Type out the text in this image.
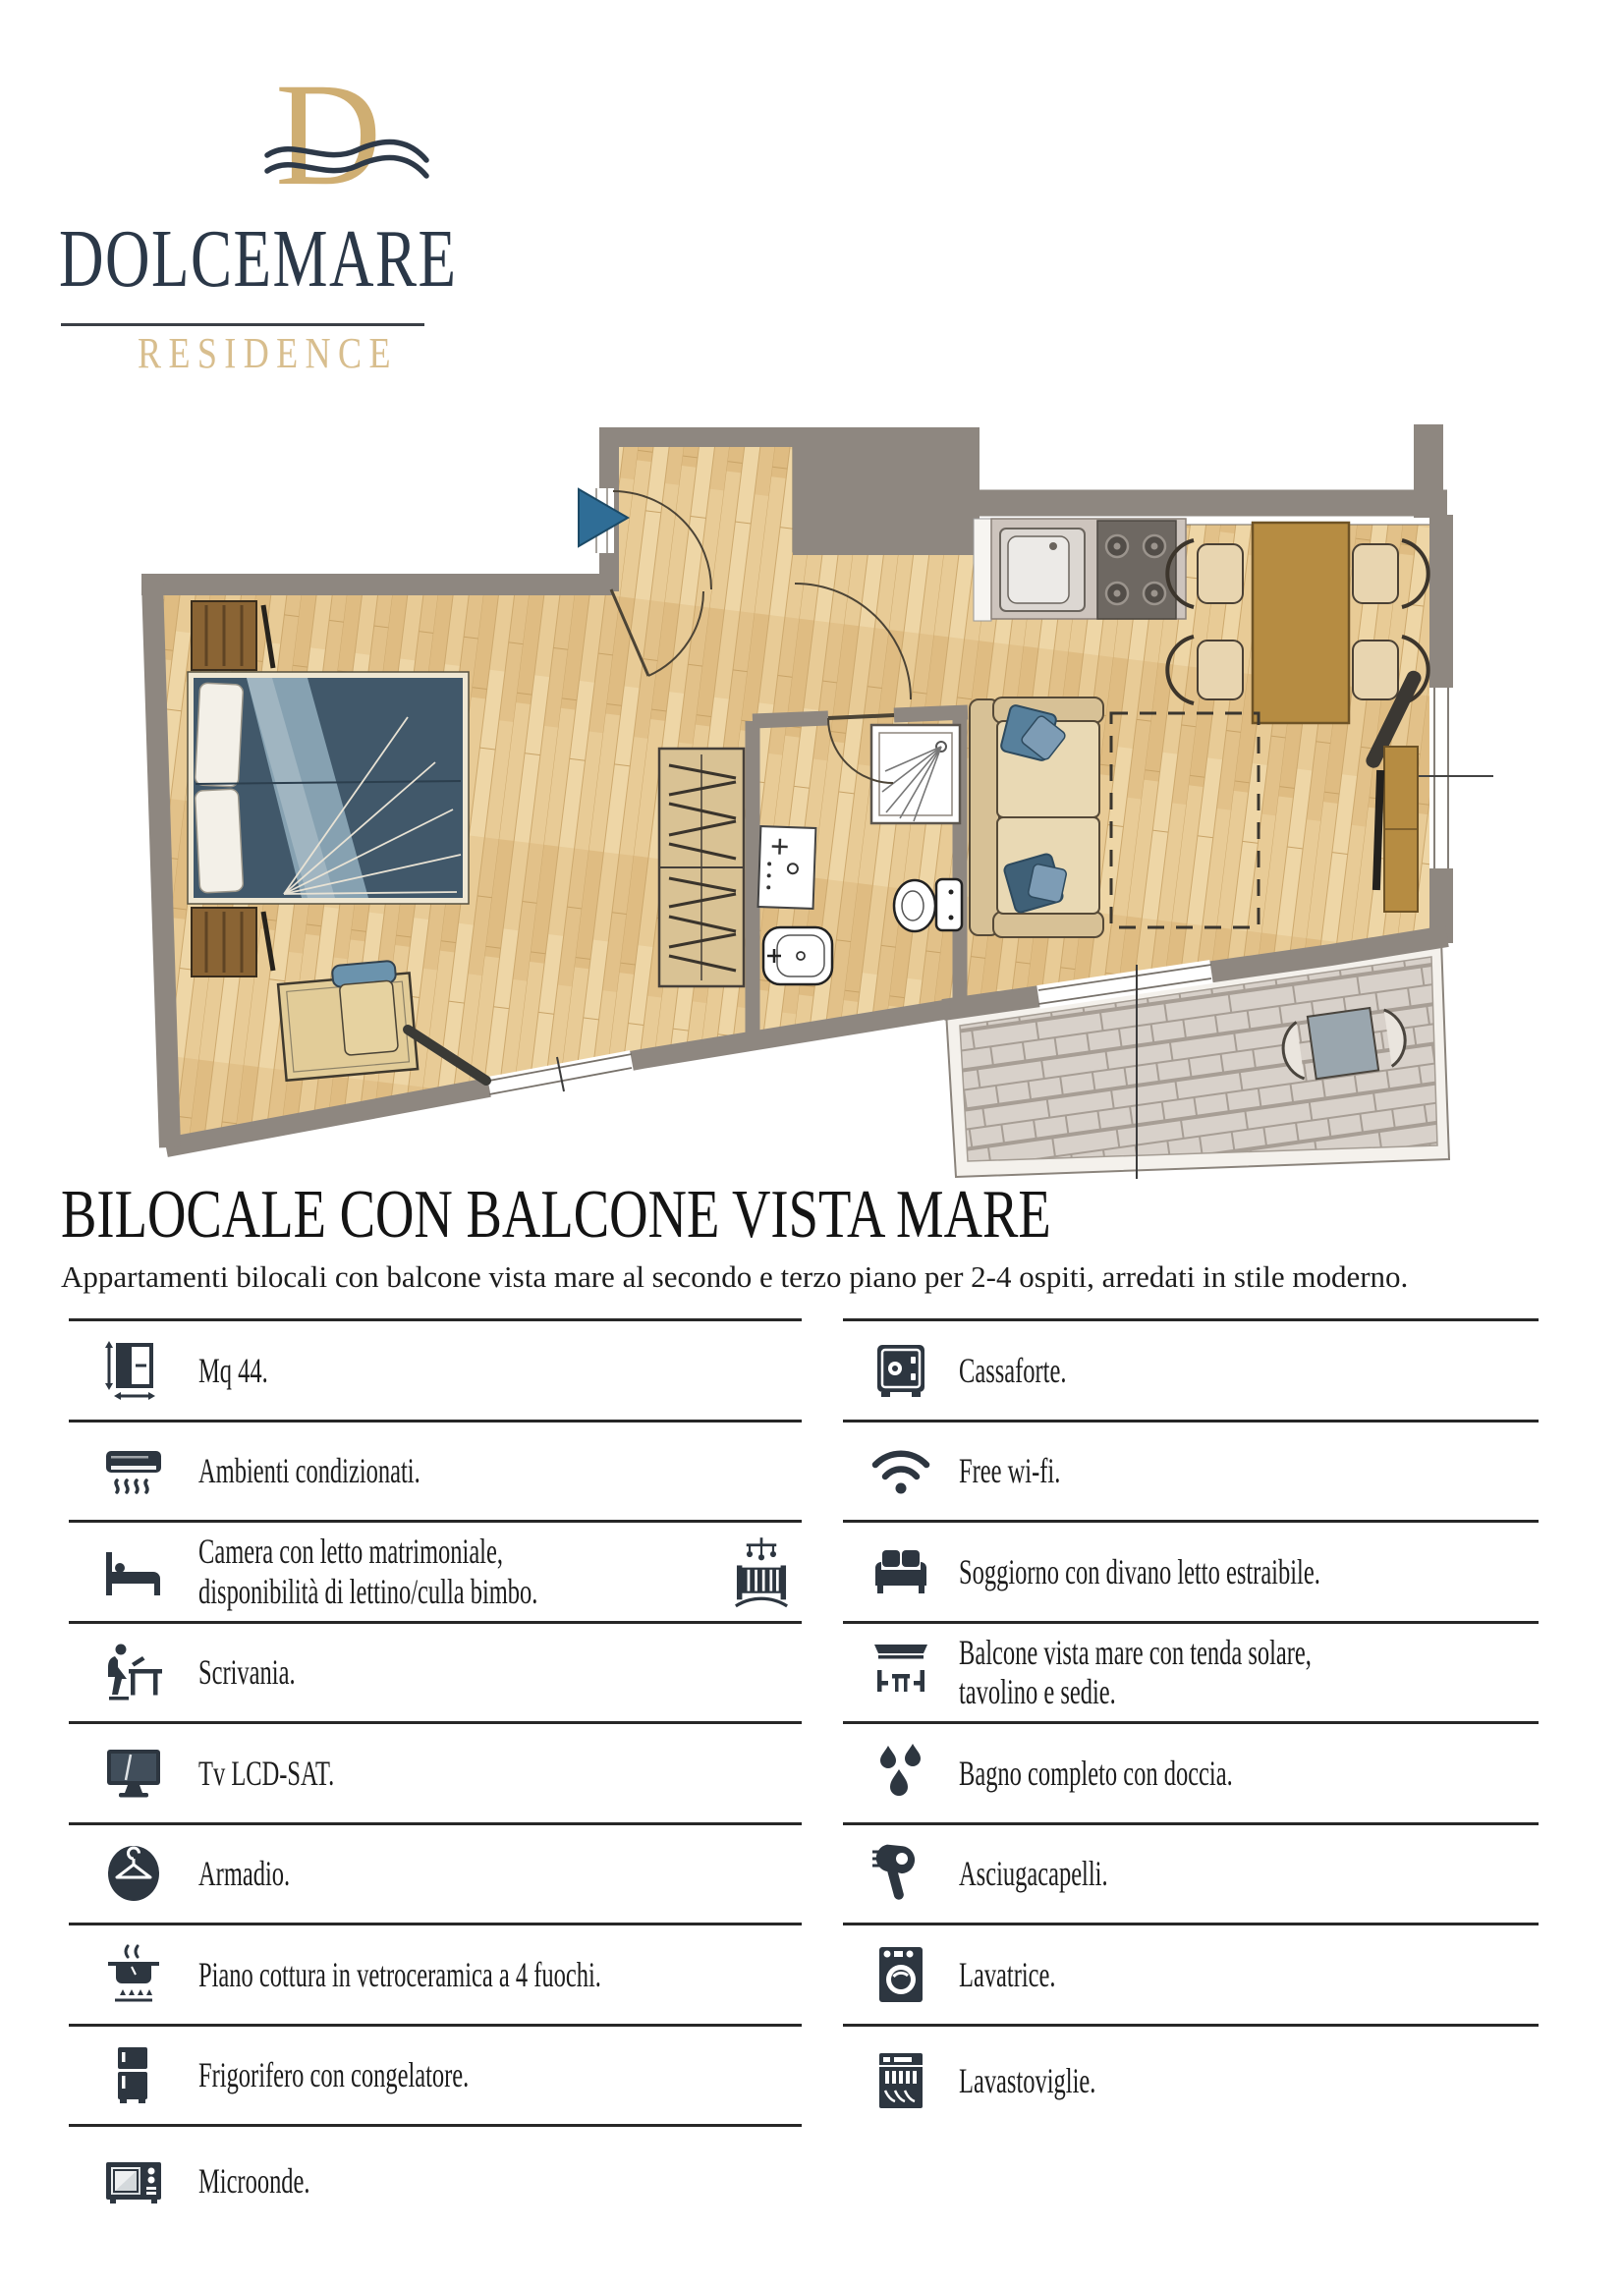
D
DOLCEMARE
RESIDENCE
BILOCALE CON BALCONE VISTA MARE
Appartamenti bilocali con balcone vista mare al secondo e terzo piano per 2-4 ospiti, arredati in stile moderno.
Mq 44.
Ambienti condizionati.
Camera con letto matrimoniale, disponibilità di lettino/culla bimbo.
Scrivania.
Tv LCD-SAT.
Armadio.
Piano cottura in vetroceramica a 4 fuochi.
Frigorifero con congelatore.
Microonde.
Cassaforte.
Free wi-fi.
Soggiorno con divano letto estraibile.
Balcone vista mare con tenda solare, tavolino e sedie.
Bagno completo con doccia.
Asciugacapelli.
Lavatrice.
Lavastoviglie.
